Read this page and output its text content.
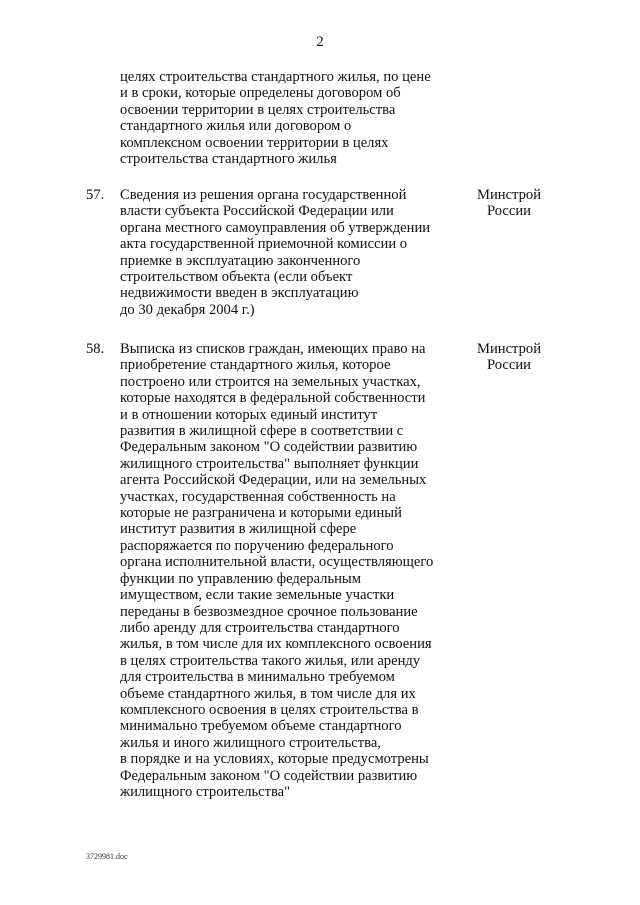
2
целях строительства стандартного жилья, по цене
и в сроки, которые определены договором об
освоении территории в целях строительства
стандартного жилья или договором о
комплексном освоении территории в целях
строительства стандартного жилья
57. Сведения из решения органа государственной
власти субъекта Российской Федерации или
органа местного самоуправления об утверждении
акта государственной приемочной комиссии о
приемке в эксплуатацию законченного
строительством объекта (если объект
недвижимости введен в эксплуатацию
до 30 декабря 2004 г.)
Минстрой
России
58. Выписка из списков граждан, имеющих право на
приобретение стандартного жилья, которое
построено или строится на земельных участках,
которые находятся в федеральной собственности
и в отношении которых единый институт
развития в жилищной сфере в соответствии с
Федеральным законом "О содействии развитию
жилищного строительства" выполняет функции
агента Российской Федерации, или на земельных
участках, государственная собственность на
которые не разграничена и которыми единый
институт развития в жилищной сфере
распоряжается по поручению федерального
органа исполнительной власти, осуществляющего
функции по управлению федеральным
имуществом, если такие земельные участки
переданы в безвозмездное срочное пользование
либо аренду для строительства стандартного
жилья, в том числе для их комплексного освоения
в целях строительства такого жилья, или аренду
для строительства в минимально требуемом
объеме стандартного жилья, в том числе для их
комплексного освоения в целях строительства в
минимально требуемом объеме стандартного
жилья и иного жилищного строительства,
в порядке и на условиях, которые предусмотрены
Федеральным законом "О содействии развитию
жилищного строительства"
Минстрой
России
3729981.doc
